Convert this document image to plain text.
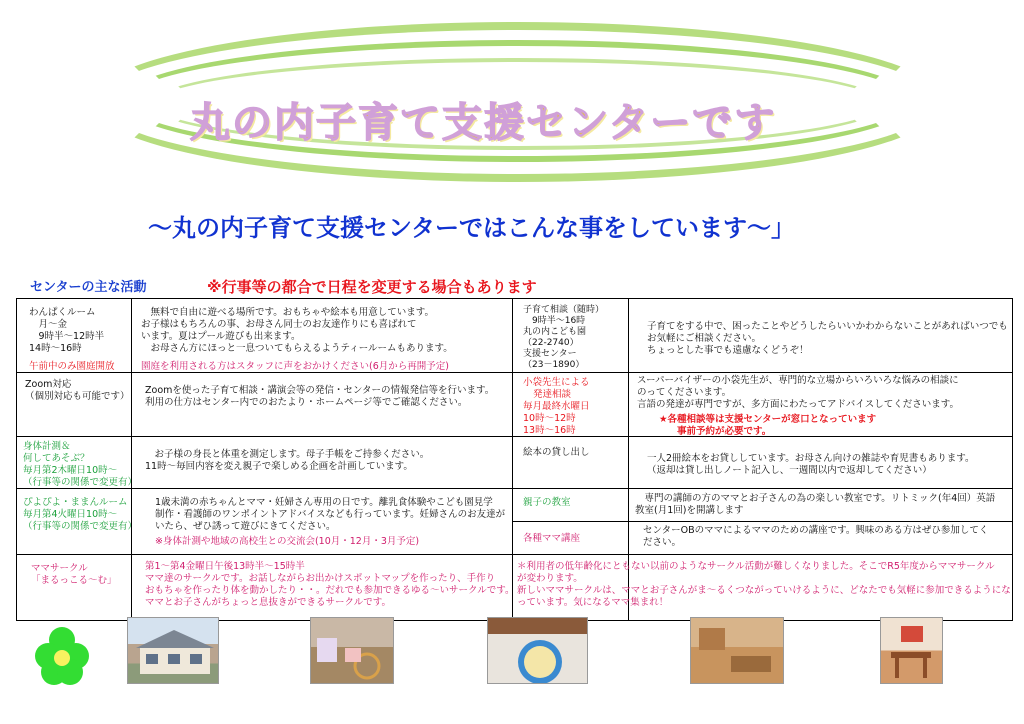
丸の内子育て支援センターです
～丸の内子育て支援センターではこんな事をしています～」
センターの主な活動	※行事等の都合で日程を変更する場合もあります
わんぱくルーム
　月～金
　9時半～12時半
14時～16時
午前中のみ園庭開放
　無料で自由に遊べる場所です。おもちゃや絵本も用意しています。
お子様はもちろんの事、お母さん同士のお友達作りにも喜ばれて
います。夏はプール遊びも出来ます。
　お母さん方にほっと一息ついてもらえるようティールームもあります。
園庭を利用される方はスタッフに声をおかけください(6月から再開予定)
子育て相談（随時）
　9時半～16時
丸の内こども園
（22-2740）
支援センター
（23－1890）
子育てをする中で、困ったことやどうしたらいいかわからないことがあればいつでも
お気軽にご相談ください。
ちょっとした事でも遠慮なくどうぞ！
Zoom対応
（個別対応も可能です）
Zoomを使った子育て相談・講演会等の発信・センターの情報発信等を行います。
利用の仕方はセンター内でのおたより・ホームページ等でご確認ください。
小袋先生による
発達相談
毎月最終水曜日
10時～12時
13時～16時
スーパーバイザーの小袋先生が、専門的な立場からいろいろな悩みの相談に
のってくださいます。
言語の発達が専門ですが、多方面にわたってアドバイスしてくださいます。
★各種相談等は支援センターが窓口となっています
事前予約が必要です。
身体計測＆
何してあそぶ？
毎月第2木曜日10時～
（行事等の関係で変更有）
　お子様の身長と体重を測定します。母子手帳をご持参ください。
11時～毎回内容を変え親子で楽しめる企画を計画しています。
絵本の貸し出し
一人2冊絵本をお貸ししています。お母さん向けの雑誌や育児書もあります。
（返却は貸し出しノート記入し、一週間以内で返却してください）
ぴよぴよ・ままんルーム
毎月第4火曜日10時～
（行事等の関係で変更有）
1歳未満の赤ちゃんとママ・妊婦さん専用の日です。離乳食体験やこども園見学
制作・看護師のワンポイントアドバイスなども行っています。妊婦さんのお友達が
いたら、ぜひ誘って遊びにきてください。
※身体計測や地域の高校生との交流会(10月・12月・3月予定)
親子の教室	　専門の講師の方のママとお子さんの為の楽しい教室です。リトミック(年4回）英語
教室(月1回)を開講します
各種ママ講座
センターOBのママによるママのための講座です。興味のある方はぜひ参加してく
ださい。
ママサークル
「まるっこる～む」
第1～第4金曜日午後13時半～15時半
ママ達のサークルです。お話しながらお出かけスポットマップを作ったり、手作り
おもちゃを作ったり体を動かしたり・・。だれでも参加できるゆる～いサークルです。
ママとお子さんがちょっと息抜きができるサークルです。
＊利用者の低年齢化にともない以前のようなサークル活動が難しくなりました。そこでR5年度からママサークル
が変わります。
新しいママサークルは、ママとお子さんがま～るくつながっていけるように、どなたでも気軽に参加できるようにな
っています。気になるママ集まれ！
